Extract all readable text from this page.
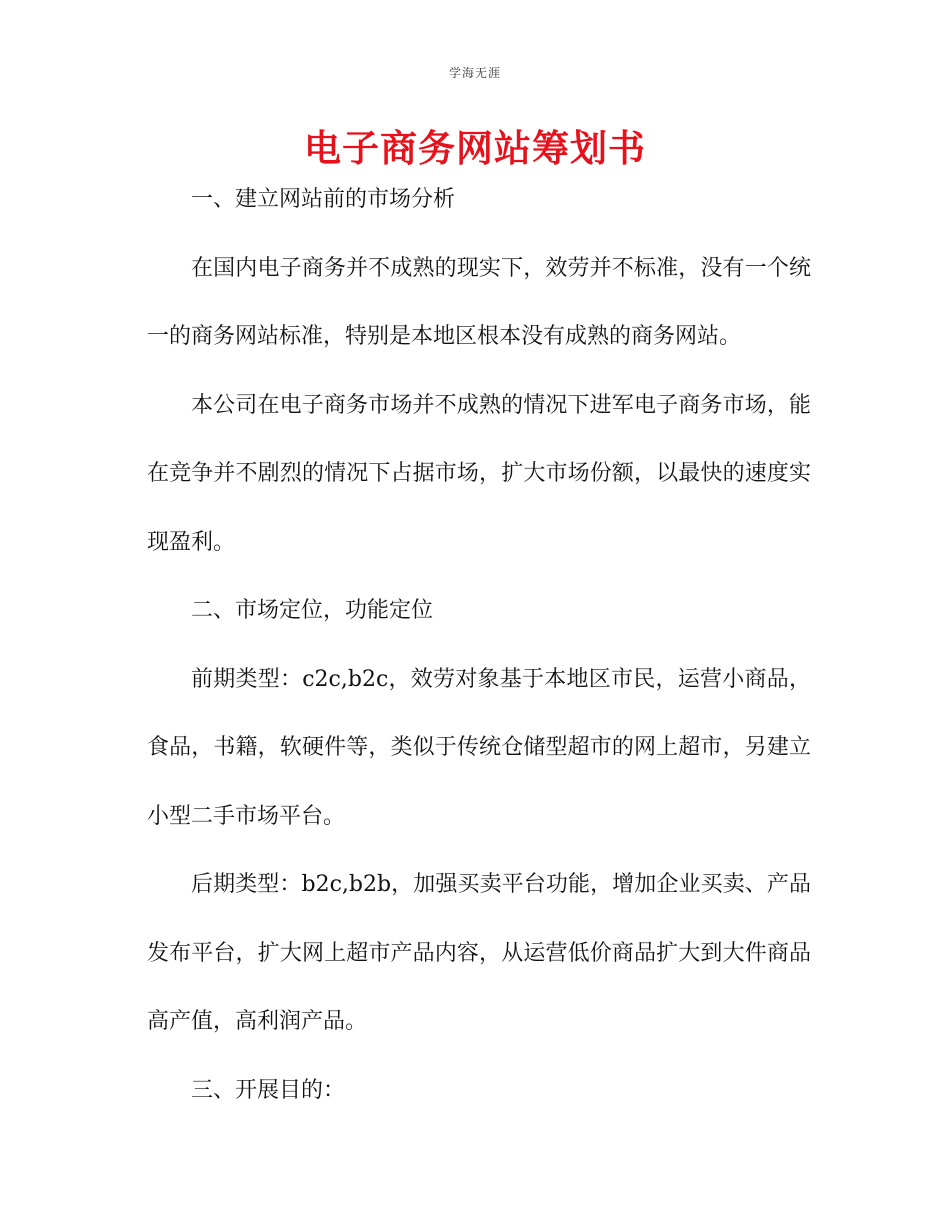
学海无涯
电子商务网站筹划书

一、建立网站前的市场分析

在国内电子商务并不成熟的现实下，效劳并不标准，没有一个统一的商务网站标准，特别是本地区根本没有成熟的商务网站。

本公司在电子商务市场并不成熟的情况下进军电子商务市场，能在竞争并不剧烈的情况下占据市场，扩大市场份额，以最快的速度实现盈利。

二、市场定位，功能定位

前期类型：c2c,b2c，效劳对象基于本地区市民，运营小商品，食品，书籍，软硬件等，类似于传统仓储型超市的网上超市，另建立小型二手市场平台。

后期类型：b2c,b2b，加强买卖平台功能，增加企业买卖、产品发布平台，扩大网上超市产品内容，从运营低价商品扩大到大件商品高产值，高利润产品。

三、开展目的：
